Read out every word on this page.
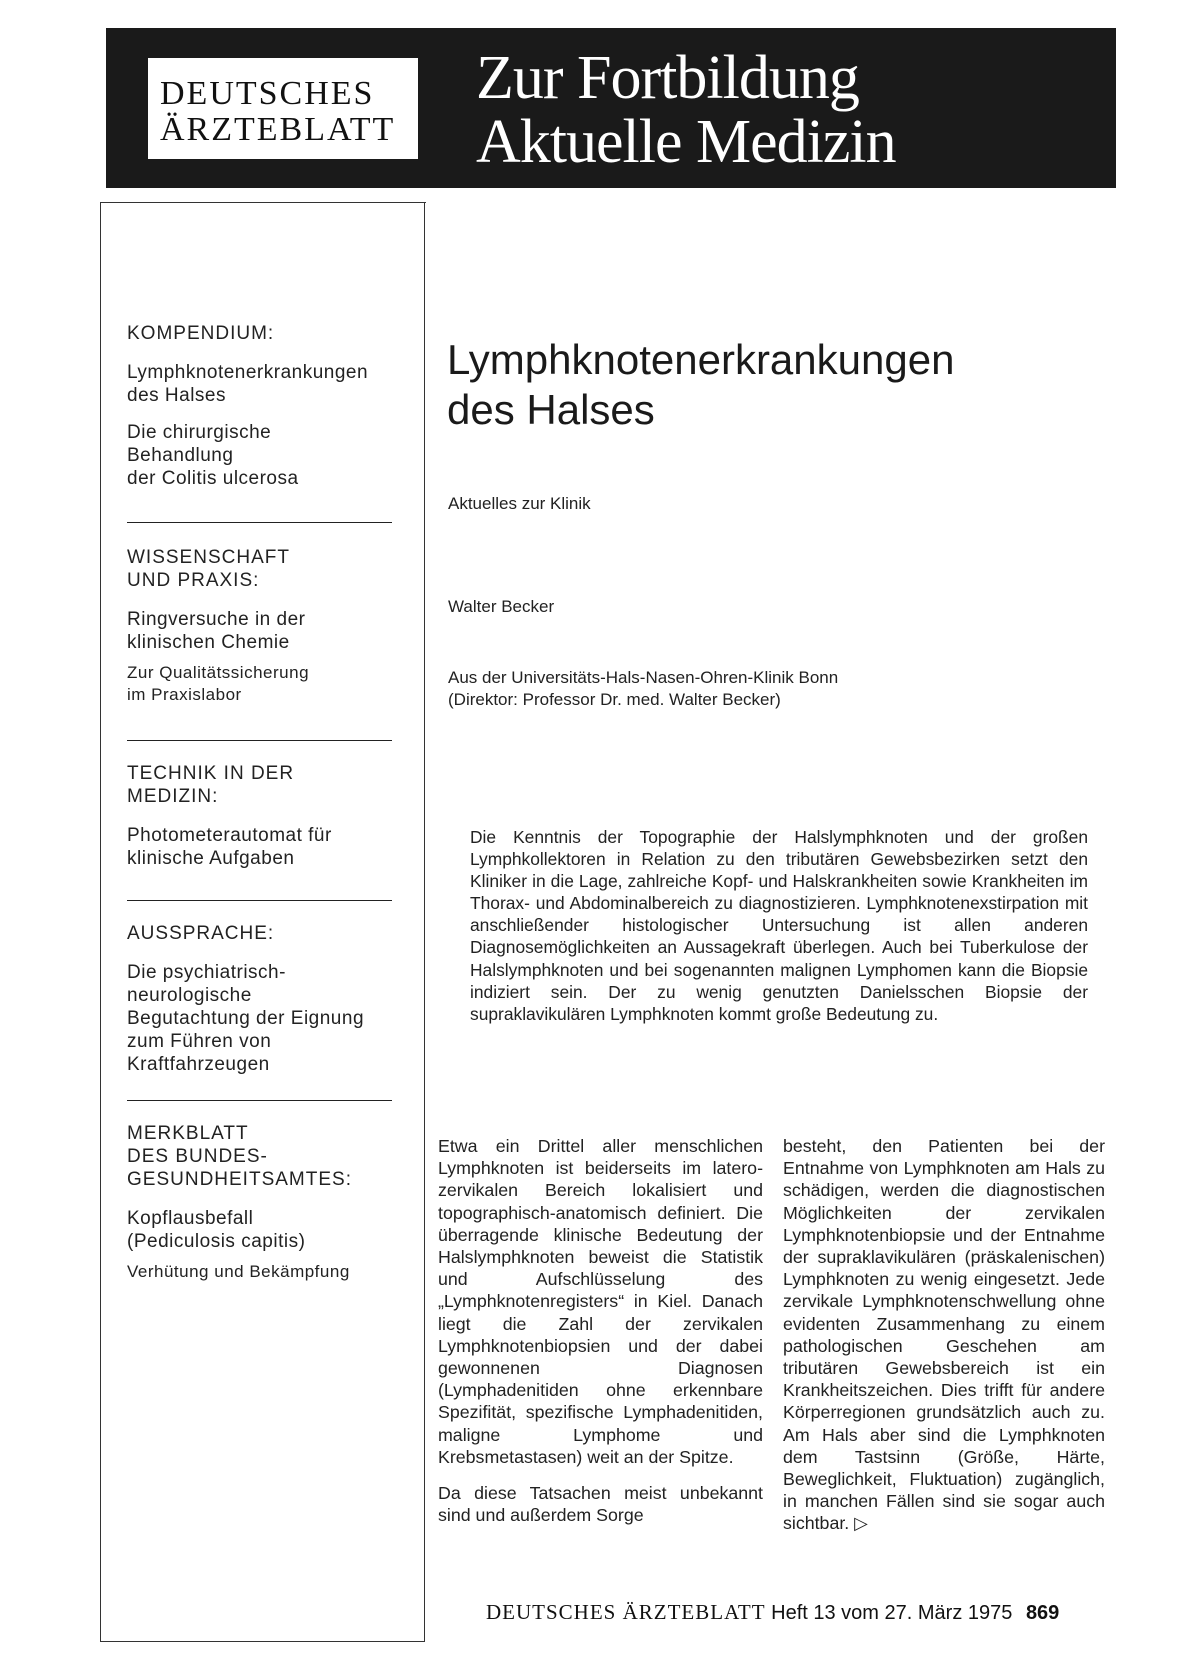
DEUTSCHES
ÄRZTEBLATT
Zur Fortbildung
Aktuelle Medizin
KOMPENDIUM:
Lymphknotenerkrankungen
des Halses
Die chirurgische
Behandlung
der Colitis ulcerosa
WISSENSCHAFT
UND PRAXIS:
Ringversuche in der
klinischen Chemie
Zur Qualitätssicherung
im Praxislabor
TECHNIK IN DER
MEDIZIN:
Photometerautomat für
klinische Aufgaben
AUSSPRACHE:
Die psychiatrisch-
neurologische
Begutachtung der Eignung
zum Führen von
Kraftfahrzeugen
MERKBLATT
DES BUNDES-
GESUNDHEITSAMTES:
Kopflausbefall
(Pediculosis capitis)
Verhütung und Bekämpfung
Lymphknotenerkrankungen
des Halses
Aktuelles zur Klinik
Walter Becker
Aus der Universitäts-Hals-Nasen-Ohren-Klinik Bonn
(Direktor: Professor Dr. med. Walter Becker)
Die Kenntnis der Topographie der Halslymphknoten und der großen Lymphkollektoren in Relation zu den tributären Gewebsbezirken setzt den Kliniker in die Lage, zahlreiche Kopf- und Halskrankheiten sowie Krankheiten im Thorax- und Abdominalbereich zu diagnostizieren. Lymphknotenexstirpation mit anschließender histologischer Untersuchung ist allen anderen Diagnosemöglichkeiten an Aussagekraft überlegen. Auch bei Tuberkulose der Halslymphknoten und bei sogenannten malignen Lymphomen kann die Biopsie indiziert sein. Der zu wenig genutzten Danielsschen Biopsie der supraklavikulären Lymphknoten kommt große Bedeutung zu.

Etwa ein Drittel aller menschlichen Lymphknoten ist beiderseits im latero-zervikalen Bereich lokalisiert und topographisch-anatomisch definiert. Die überragende klinische Bedeutung der Halslymphknoten beweist die Statistik und Aufschlüsselung des „Lymphknotenregisters“ in Kiel. Danach liegt die Zahl der zervikalen Lymphknotenbiopsien und der dabei gewonnenen Diagnosen (Lymphadenitiden ohne erkennbare Spezifität, spezifische Lymphadenitiden, maligne Lymphome und Krebsmetastasen) weit an der Spitze.

Da diese Tatsachen meist unbekannt sind und außerdem Sorge

besteht, den Patienten bei der Entnahme von Lymphknoten am Hals zu schädigen, werden die diagnostischen Möglichkeiten der zervikalen Lymphknotenbiopsie und der Entnahme der supraklavikulären (präskalenischen) Lymphknoten zu wenig eingesetzt. Jede zervikale Lymphknotenschwellung ohne evidenten Zusammenhang zu einem pathologischen Geschehen am tributären Gewebsbereich ist ein Krankheitszeichen. Dies trifft für andere Körperregionen grundsätzlich auch zu. Am Hals aber sind die Lymphknoten dem Tastsinn (Größe, Härte, Beweglichkeit, Fluktuation) zugänglich, in manchen Fällen sind sie sogar auch sichtbar. ▷

DEUTSCHES ÄRZTEBLATT Heft 13 vom 27. März 1975 869
